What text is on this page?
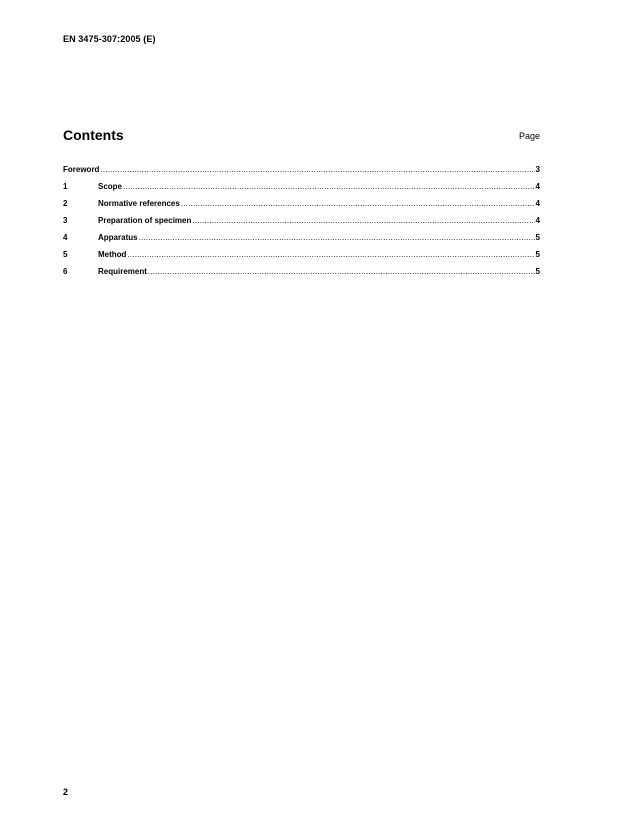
EN 3475-307:2005 (E)
Contents	Page
Foreword .....	3
1	Scope .....	4
2	Normative references .....	4
3	Preparation of specimen .....	4
4	Apparatus .....	5
5	Method .....	5
6	Requirement .....	5
2
